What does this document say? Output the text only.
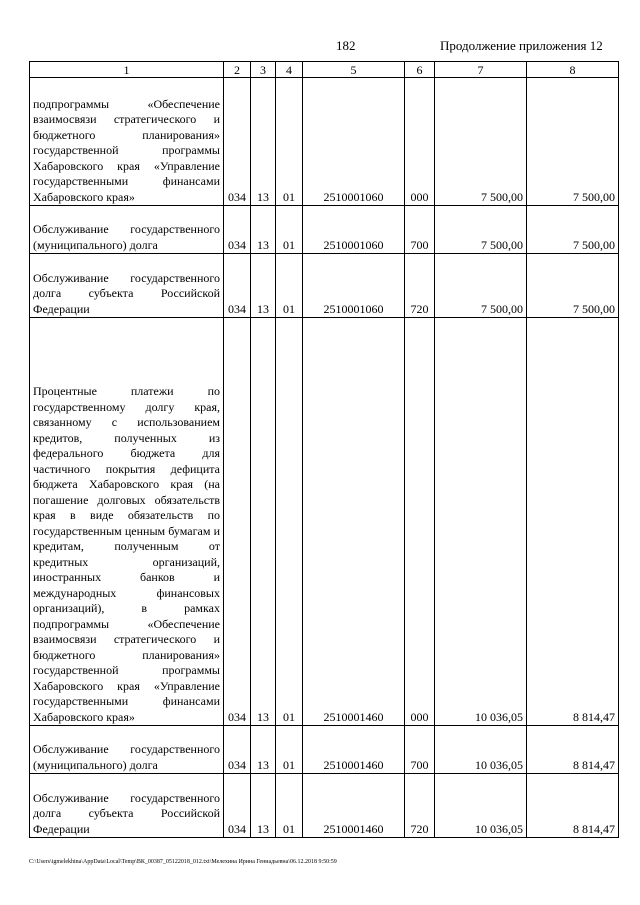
182	Продолжение приложения 12
1	2	3	4	5	6	7	8
подпрограммы «Обеспечение взаимосвязи стратегического и бюджетного планирования» государственной программы Хабаровского края «Управление государственными финансами Хабаровского края»	034	13	01	2510001060	000	7 500,00	7 500,00
Обслуживание государственного (муниципального) долга	034	13	01	2510001060	700	7 500,00	7 500,00
Обслуживание государственного долга субъекта Российской Федерации	034	13	01	2510001060	720	7 500,00	7 500,00
Процентные платежи по государственному долгу края, связанному с использованием кредитов, полученных из федерального бюджета для частичного покрытия дефицита бюджета Хабаровского края (на погашение долговых обязательств края в виде обязательств по государственным ценным бумагам и кредитам, полученным от кредитных организаций, иностранных банков и международных финансовых организаций), в рамках подпрограммы «Обеспечение взаимосвязи стратегического и бюджетного планирования» государственной программы Хабаровского края «Управление государственными финансами Хабаровского края»	034	13	01	2510001460	000	10 036,05	8 814,47
Обслуживание государственного (муниципального) долга	034	13	01	2510001460	700	10 036,05	8 814,47
Обслуживание государственного долга субъекта Российской Федерации	034	13	01	2510001460	720	10 036,05	8 814,47
C:\Users\igmelekhina\AppData\Local\Temp\ВК_00387_05122018_012.txt\Мелехина Ирина Геннадьевна\06.12.2018 9:50:59
